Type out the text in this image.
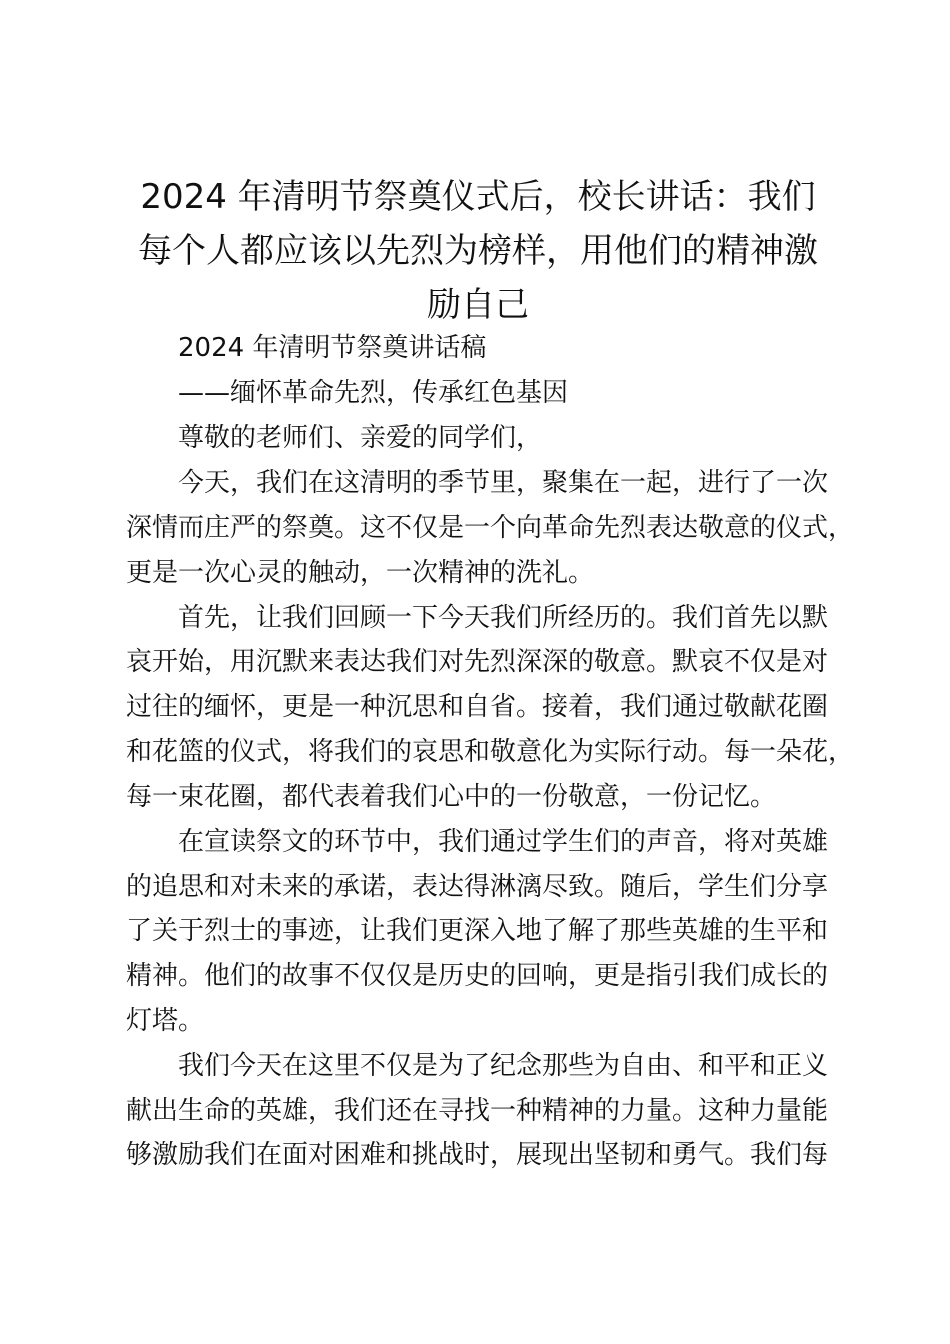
2024 年清明节祭奠仪式后，校长讲话：我们
每个人都应该以先烈为榜样，用他们的精神激
励自己
2024 年清明节祭奠讲话稿
——缅怀革命先烈，传承红色基因
尊敬的老师们、亲爱的同学们，
今天，我们在这清明的季节里，聚集在一起，进行了一次
深情而庄严的祭奠。这不仅是一个向革命先烈表达敬意的仪式，
更是一次心灵的触动，一次精神的洗礼。
首先，让我们回顾一下今天我们所经历的。我们首先以默
哀开始，用沉默来表达我们对先烈深深的敬意。默哀不仅是对
过往的缅怀，更是一种沉思和自省。接着，我们通过敬献花圈
和花篮的仪式，将我们的哀思和敬意化为实际行动。每一朵花，
每一束花圈，都代表着我们心中的一份敬意，一份记忆。
在宣读祭文的环节中，我们通过学生们的声音，将对英雄
的追思和对未来的承诺，表达得淋漓尽致。随后，学生们分享
了关于烈士的事迹，让我们更深入地了解了那些英雄的生平和
精神。他们的故事不仅仅是历史的回响，更是指引我们成长的
灯塔。
我们今天在这里不仅是为了纪念那些为自由、和平和正义
献出生命的英雄，我们还在寻找一种精神的力量。这种力量能
够激励我们在面对困难和挑战时，展现出坚韧和勇气。我们每
